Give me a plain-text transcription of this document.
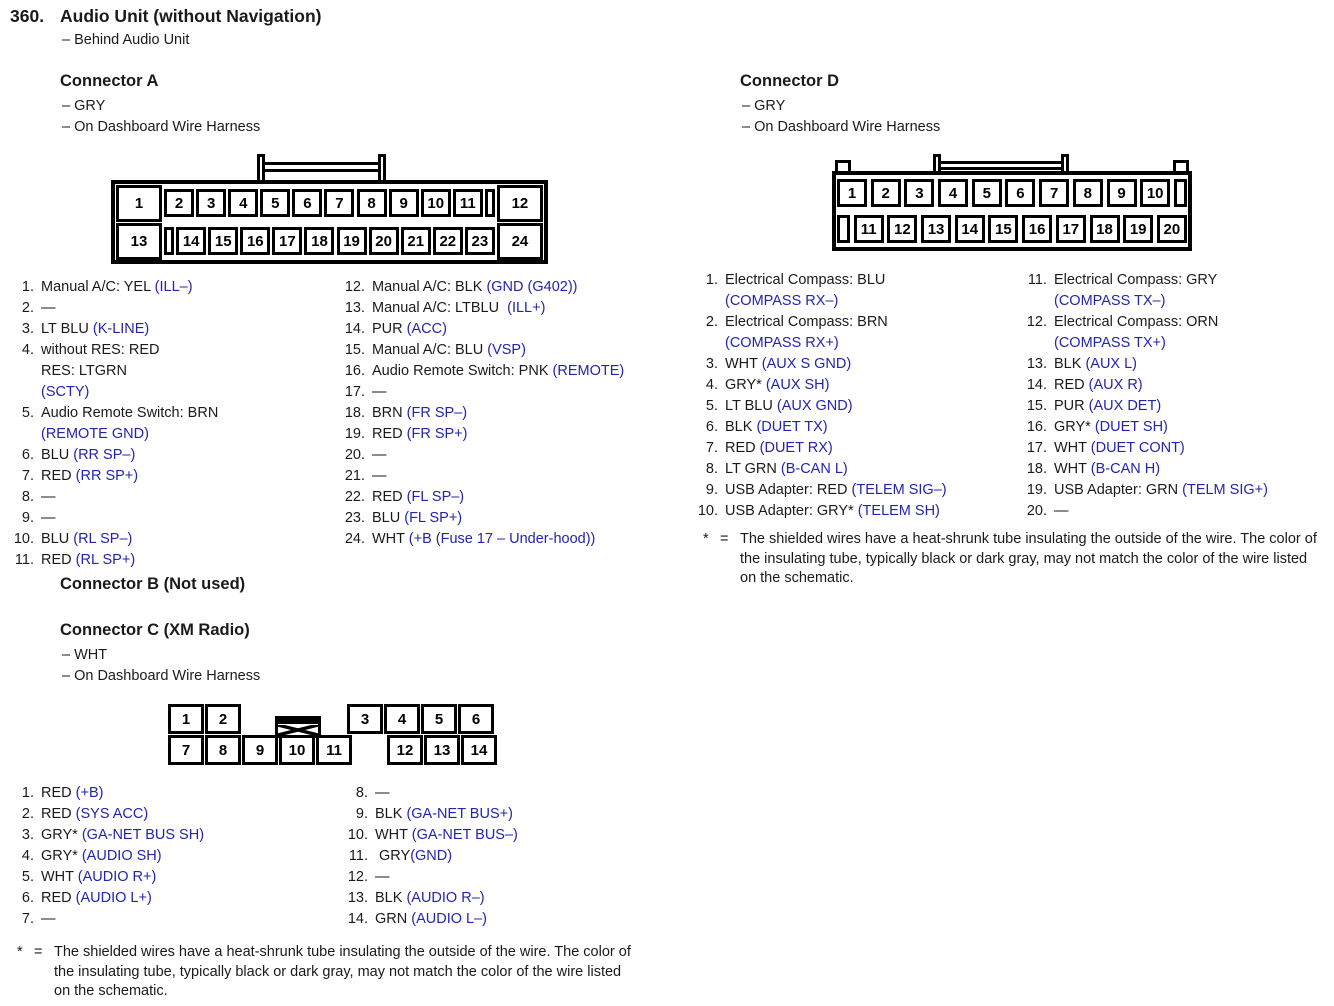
360. Audio Unit (without Navigation)
– Behind Audio Unit
Connector A
– GRY
– On Dashboard Wire Harness
1	2	3	4	5	6	7	8	9	10	11	12
13	14	15	16	17	18	19	20	21	22	23	24
1. Manual A/C: YEL (ILL–)
2. —
3. LT BLU (K-LINE)
4. without RES: RED
RES: LTGRN
(SCTY)
5. Audio Remote Switch: BRN
(REMOTE GND)
6. BLU (RR SP–)
7. RED (RR SP+)
8. —
9. —
10. BLU (RL SP–)
11. RED (RL SP+)
12. Manual A/C: BLK (GND (G402))
13. Manual A/C: LTBLU  (ILL+)
14. PUR (ACC)
15. Manual A/C: BLU (VSP)
16. Audio Remote Switch: PNK (REMOTE)
17. —
18. BRN (FR SP–)
19. RED (FR SP+)
20. —
21. —
22. RED (FL SP–)
23. BLU (FL SP+)
24. WHT (+B (Fuse 17 – Under-hood))
Connector D
– GRY
– On Dashboard Wire Harness
1	2	3	4	5	6	7	8	9	10
11	12	13	14	15	16	17	18	19	20
1. Electrical Compass: BLU
(COMPASS RX–)
2. Electrical Compass: BRN
(COMPASS RX+)
3. WHT (AUX S GND)
4. GRY* (AUX SH)
5. LT BLU (AUX GND)
6. BLK (DUET TX)
7. RED (DUET RX)
8. LT GRN (B-CAN L)
9. USB Adapter: RED (TELEM SIG–)
10. USB Adapter: GRY* (TELEM SH)
11. Electrical Compass: GRY
(COMPASS TX–)
12. Electrical Compass: ORN
(COMPASS TX+)
13. BLK (AUX L)
14. RED (AUX R)
15. PUR (AUX DET)
16. GRY* (DUET SH)
17. WHT (DUET CONT)
18. WHT (B-CAN H)
19. USB Adapter: GRN (TELM SIG+)
20. —
* = The shielded wires have a heat-shrunk tube insulating the outside of the wire. The color of the insulating tube, typically black or dark gray, may not match the color of the wire listed on the schematic.
Connector B (Not used)
Connector C (XM Radio)
– WHT
– On Dashboard Wire Harness
1	2	3	4	5	6
7	8	9	10	11	12	13	14
1. RED (+B)
2. RED (SYS ACC)
3. GRY* (GA-NET BUS SH)
4. GRY* (AUDIO SH)
5. WHT (AUDIO R+)
6. RED (AUDIO L+)
7. —
8. —
9. BLK (GA-NET BUS+)
10. WHT (GA-NET BUS–)
11. GRY(GND)
12. —
13. BLK (AUDIO R–)
14. GRN (AUDIO L–)
* = The shielded wires have a heat-shrunk tube insulating the outside of the wire. The color of the insulating tube, typically black or dark gray, may not match the color of the wire listed on the schematic.
